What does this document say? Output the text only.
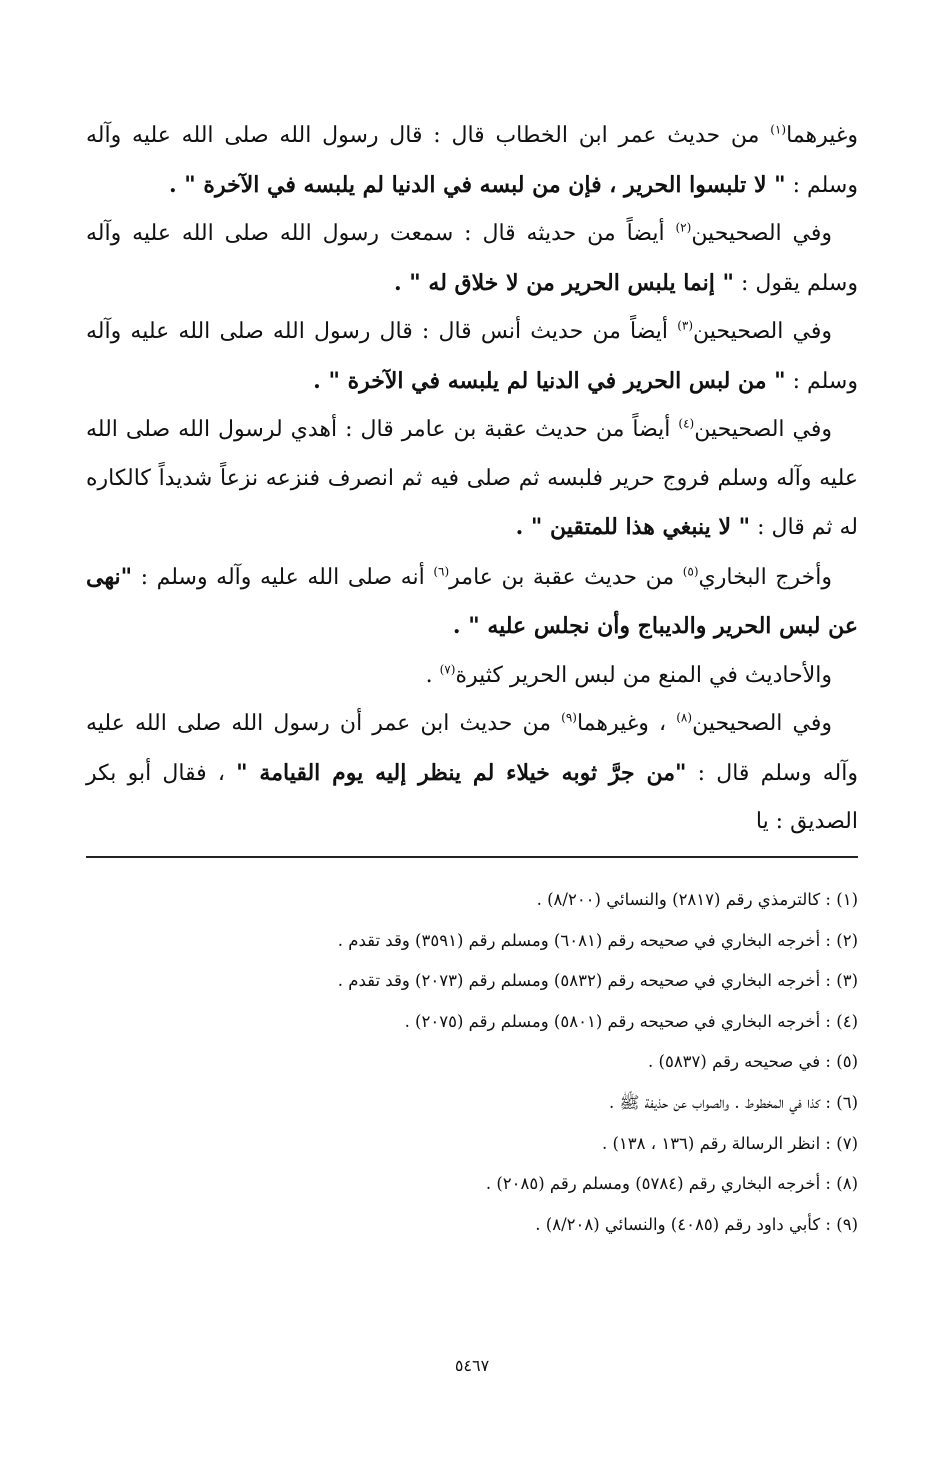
وغيرهما$^{(١)}$ من حديث عمر ابن الخطاب قال : قال رسول الله صلى الله عليه وآله وسلم : " لا تلبسوا الحرير ، فإن من لبسه في الدنيا لم يلبسه في الآخرة " .

وفي الصحيحين$^{(٢)}$ أيضاً من حديثه قال : سمعت رسول الله صلى الله عليه وآله وسلم يقول : " إنما يلبس الحرير من لا خلاق له " .

وفي الصحيحين$^{(٣)}$ أيضاً من حديث أنس قال : قال رسول الله صلى الله عليه وآله وسلم : " من لبس الحرير في الدنيا لم يلبسه في الآخرة " .

وفي الصحيحين$^{(٤)}$ أيضاً من حديث عقبة بن عامر قال : أهدي لرسول الله صلى الله عليه وآله وسلم فروج حرير فلبسه ثم صلى فيه ثم انصرف فنزعه نزعاً شديداً كالكاره له ثم قال : " لا ينبغي هذا للمتقين " .

وأخرج البخاري$^{(٥)}$ من حديث عقبة بن عامر$^{(٦)}$ أنه صلى الله عليه وآله وسلم : "نهى عن لبس الحرير والديباج وأن نجلس عليه " .

والأحاديث في المنع من لبس الحرير كثيرة$^{(٧)}$ .

وفي الصحيحين$^{(٨)}$ ، وغيرهما$^{(٩)}$ من حديث ابن عمر أن رسول الله صلى الله عليه وآله وسلم قال : "من جرَّ ثوبه خيلاء لم ينظر إليه يوم القيامة " ، فقال أبو بكر الصديق : يا

(١) : كالترمذي رقم (٢٨١٧) والنسائي (٨/٢٠٠) .

(٢) : أخرجه البخاري في صحيحه رقم (٦٠٨١) ومسلم رقم (٣٥٩١) وقد تقدم .

(٣) : أخرجه البخاري في صحيحه رقم (٥٨٣٢) ومسلم رقم (٢٠٧٣) وقد تقدم .

(٤) : أخرجه البخاري في صحيحه رقم (٥٨٠١) ومسلم رقم (٢٠٧٥) .

(٥) : في صحيحه رقم (٥٨٣٧) .

(٦) : كذا في المخطوط . والصواب عن حذيفة ﷺ .

(٧) : انظر الرسالة رقم (١٣٦ ، ١٣٨) .

(٨) : أخرجه البخاري رقم (٥٧٨٤) ومسلم رقم (٢٠٨٥) .

(٩) : كأبي داود رقم (٤٠٨٥) والنسائي (٨/٢٠٨) .

٥٤٦٧
